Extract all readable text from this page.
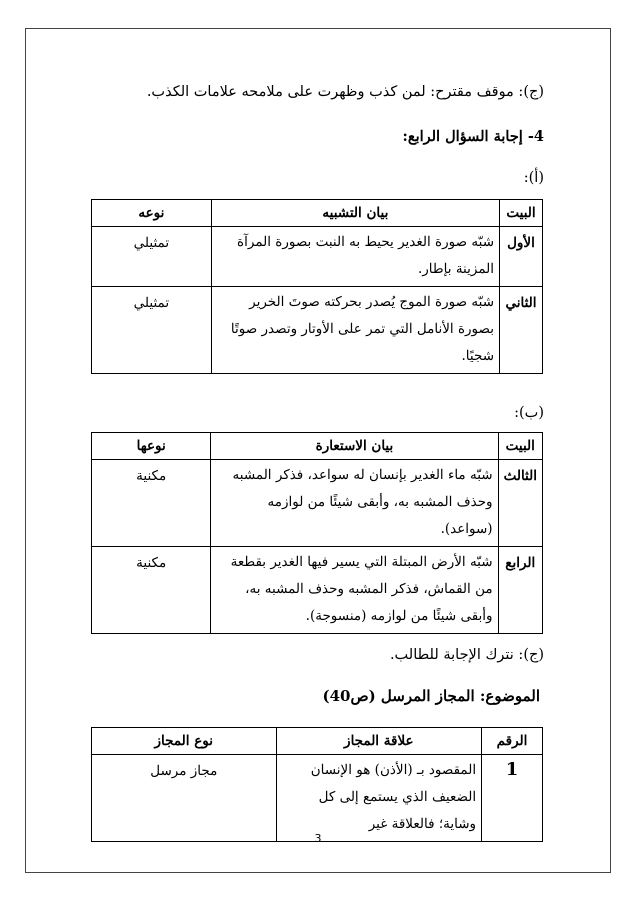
(ج): موقف مقترح: لمن كذب وظهرت على ملامحه علامات الكذب.
4- إجابة السؤال الرابع:
(أ):
البيت	بيان التشبيه	نوعه
الأول	شبّه صورة الغدير يحيط به النبت بصورة المرآة المزينة بإطار.	تمثيلي
الثاني	شبّه صورة الموج يُصدر بحركته صوتَ الخرير بصورة الأنامل التي تمر على الأوتار وتصدر صوتًا شجيًا.	تمثيلي
(ب):
البيت	بيان الاستعارة	نوعها
الثالث	شبّه ماء الغدير بإنسان له سواعد، فذكر المشبه وحذف المشبه به، وأبقى شيئًا من لوازمه (سواعد).	مكنية
الرابع	شبّه الأرض المبتلة التي يسير فيها الغدير بقطعة من القماش، فذكر المشبه وحذف المشبه به، وأبقى شيئًا من لوازمه (منسوجة).	مكنية
(ج): نترك الإجابة للطالب.
الموضوع: المجاز المرسل (ص40)
الرقم	علاقة المجاز	نوع المجاز
1	المقصود بـ (الأذن) هو الإنسان الضعيف الذي يستمع إلى كل وشاية؛ فالعلاقة غير	مجاز مرسل
3
